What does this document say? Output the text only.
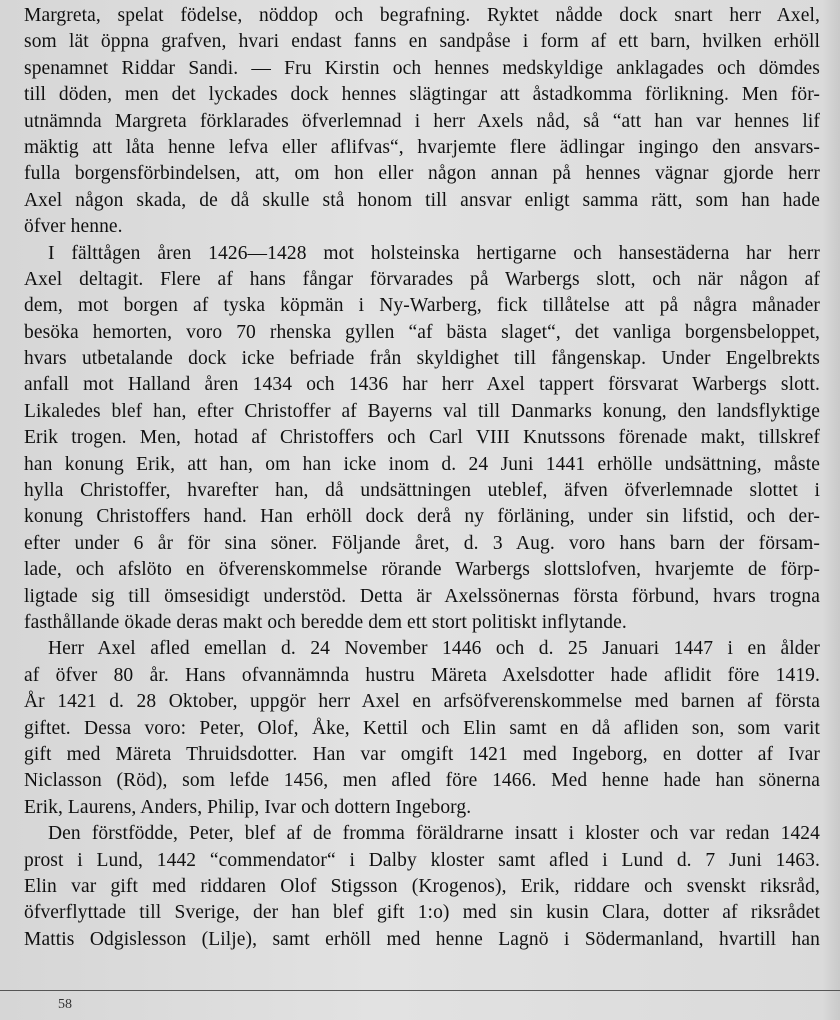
Margreta, spelat födelse, nöddop och begrafning. Ryktet nådde dock snart herr Axel,
som lät öppna grafven, hvari endast fanns en sandpåse i form af ett barn, hvilken erhöll
spenamnet Riddar Sandi. — Fru Kirstin och hennes medskyldige anklagades och dömdes
till döden, men det lyckades dock hennes slägtingar att åstadkomma förlikning. Men för-
utnämnda Margreta förklarades öfverlemnad i herr Axels nåd, så “att han var hennes lif
mäktig att låta henne lefva eller aflifvas“, hvarjemte flere ädlingar ingingo den ansvars-
fulla borgensförbindelsen, att, om hon eller någon annan på hennes vägnar gjorde herr
Axel någon skada, de då skulle stå honom till ansvar enligt samma rätt, som han hade
öfver henne.
I fälttågen åren 1426—1428 mot holsteinska hertigarne och hansestäderna har herr
Axel deltagit. Flere af hans fångar förvarades på Warbergs slott, och när någon af
dem, mot borgen af tyska köpmän i Ny-Warberg, fick tillåtelse att på några månader
besöka hemorten, voro 70 rhenska gyllen “af bästa slaget“, det vanliga borgensbeloppet,
hvars utbetalande dock icke befriade från skyldighet till fångenskap. Under Engelbrekts
anfall mot Halland åren 1434 och 1436 har herr Axel tappert försvarat Warbergs slott.
Likaledes blef han, efter Christoffer af Bayerns val till Danmarks konung, den landsflyktige
Erik trogen. Men, hotad af Christoffers och Carl VIII Knutssons förenade makt, tillskref
han konung Erik, att han, om han icke inom d. 24 Juni 1441 erhölle undsättning, måste
hylla Christoffer, hvarefter han, då undsättningen uteblef, äfven öfverlemnade slottet i
konung Christoffers hand. Han erhöll dock derå ny förläning, under sin lifstid, och der-
efter under 6 år för sina söner. Följande året, d. 3 Aug. voro hans barn der försam-
lade, och afslöto en öfverenskommelse rörande Warbergs slottslofven, hvarjemte de förp-
ligtade sig till ömsesidigt understöd. Detta är Axelssönernas första förbund, hvars trogna
fasthållande ökade deras makt och beredde dem ett stort politiskt inflytande.
Herr Axel afled emellan d. 24 November 1446 och d. 25 Januari 1447 i en ålder
af öfver 80 år. Hans ofvannämnda hustru Märeta Axelsdotter hade aflidit före 1419.
År 1421 d. 28 Oktober, uppgör herr Axel en arfsöfverenskommelse med barnen af första
giftet. Dessa voro: Peter, Olof, Åke, Kettil och Elin samt en då afliden son, som varit
gift med Märeta Thruidsdotter. Han var omgift 1421 med Ingeborg, en dotter af Ivar
Niclasson (Röd), som lefde 1456, men afled före 1466. Med henne hade han sönerna
Erik, Laurens, Anders, Philip, Ivar och dottern Ingeborg.
Den förstfödde, Peter, blef af de fromma föräldrarne insatt i kloster och var redan 1424
prost i Lund, 1442 “commendator“ i Dalby kloster samt afled i Lund d. 7 Juni 1463.
Elin var gift med riddaren Olof Stigsson (Krogenos), Erik, riddare och svenskt riksråd,
öfverflyttade till Sverige, der han blef gift 1:o) med sin kusin Clara, dotter af riksrådet
Mattis Odgislesson (Lilje), samt erhöll med henne Lagnö i Södermanland, hvartill han
58
